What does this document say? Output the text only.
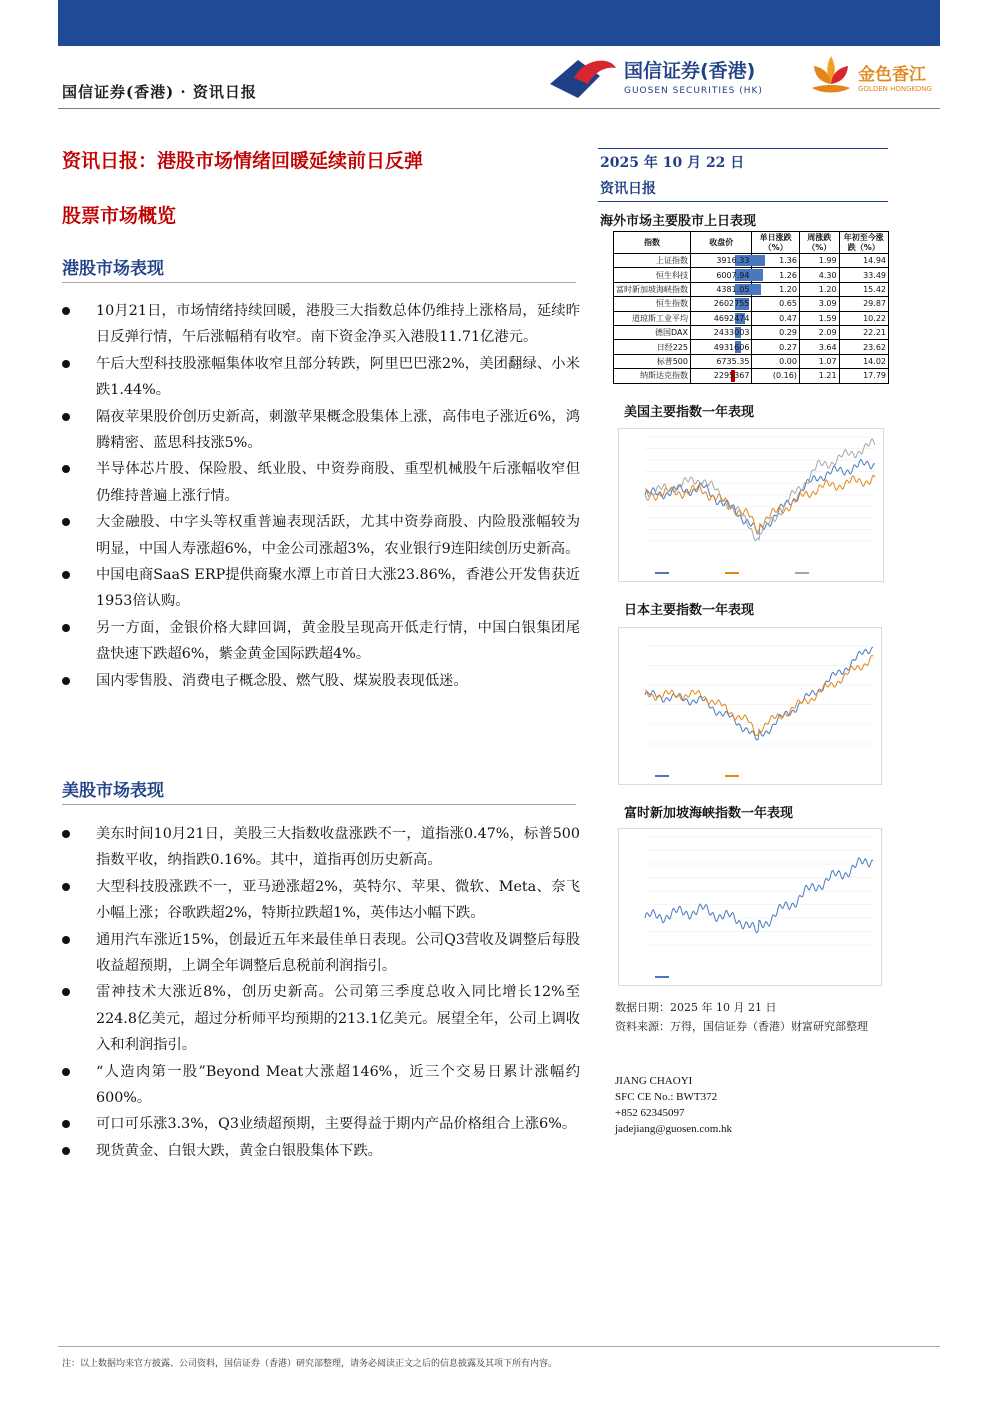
国信证券(香港) · 资讯日报
国信证券(香港)
GUOSEN SECURITIES (HK)
金色香江
GOLDEN HONGKONG
资讯日报：港股市场情绪回暖延续前日反弹
股票市场概览
港股市场表现
10月21日，市场情绪持续回暖，港股三大指数总体仍维持上涨格局，延续昨日反弹行情，午后涨幅稍有收窄。南下资金净买入港股11.71亿港元。
午后大型科技股涨幅集体收窄且部分转跌，阿里巴巴涨2%，美团翻绿、小米跌1.44%。
隔夜苹果股价创历史新高，刺激苹果概念股集体上涨，高伟电子涨近6%，鸿腾精密、蓝思科技涨5%。
半导体芯片股、保险股、纸业股、中资券商股、重型机械股午后涨幅收窄但仍维持普遍上涨行情。
大金融股、中字头等权重普遍表现活跃，尤其中资券商股、内险股涨幅较为明显，中国人寿涨超6%，中金公司涨超3%，农业银行9连阳续创历史新高。
中国电商SaaS ERP提供商聚水潭上市首日大涨23.86%，香港公开发售获近1953倍认购。
另一方面，金银价格大肆回调，黄金股呈现高开低走行情，中国白银集团尾盘快速下跌超6%，紫金黄金国际跌超4%。
国内零售股、消费电子概念股、燃气股、煤炭股表现低迷。
美股市场表现
美东时间10月21日，美股三大指数收盘涨跌不一，道指涨0.47%，标普500指数平收，纳指跌0.16%。其中，道指再创历史新高。
大型科技股涨跌不一，亚马逊涨超2%，英特尔、苹果、微软、Meta、奈飞小幅上涨；谷歌跌超2%，特斯拉跌超1%，英伟达小幅下跌。
通用汽车涨近15%，创最近五年来最佳单日表现。公司Q3营收及调整后每股收益超预期，上调全年调整后息税前利润指引。
雷神技术大涨近8%，创历史新高。公司第三季度总收入同比增长12%至224.8亿美元，超过分析师平均预期的213.1亿美元。展望全年，公司上调收入和利润指引。
“人造肉第一股”Beyond Meat大涨超146%，近三个交易日累计涨幅约600%。
可口可乐涨3.3%，Q3业绩超预期，主要得益于期内产品价格组合上涨6%。
现货黄金、白银大跌，黄金白银股集体下跌。
2025 年 10 月 22 日
资讯日报
海外市场主要股市上日表现
指数	收盘价	单日涨跌（%）	周涨跌（%）	年初至今涨跌（%）
上证指数	3916.33	1.36	1.99	14.94
恒生科技	6007.94	1.26	4.30	33.49
富时新加坡海峡指数	4381.05	1.20	1.20	15.42
恒生指数	2602755	0.65	3.09	29.87
道琼斯工业平均	4692474	0.47	1.59	10.22
德国DAX	2433003	0.29	2.09	22.21
日经225	4931606	0.27	3.64	23.62
标普500	6735.35	0.00	1.07	14.02
纳斯达克指数	2295367	(0.16)	1.21	17.79
美国主要指数一年表现
日本主要指数一年表现
富时新加坡海峡指数一年表现
数据日期：2025 年 10 月 21 日
资料来源：万得，国信证券（香港）财富研究部整理
JIANG CHAOYI
SFC CE No.: BWT372
+852 62345097
jadejiang@guosen.com.hk
注：以上数据均来官方披露、公司资料，国信证券（香港）研究部整理，请务必阅读正文之后的信息披露及其项下所有内容。
